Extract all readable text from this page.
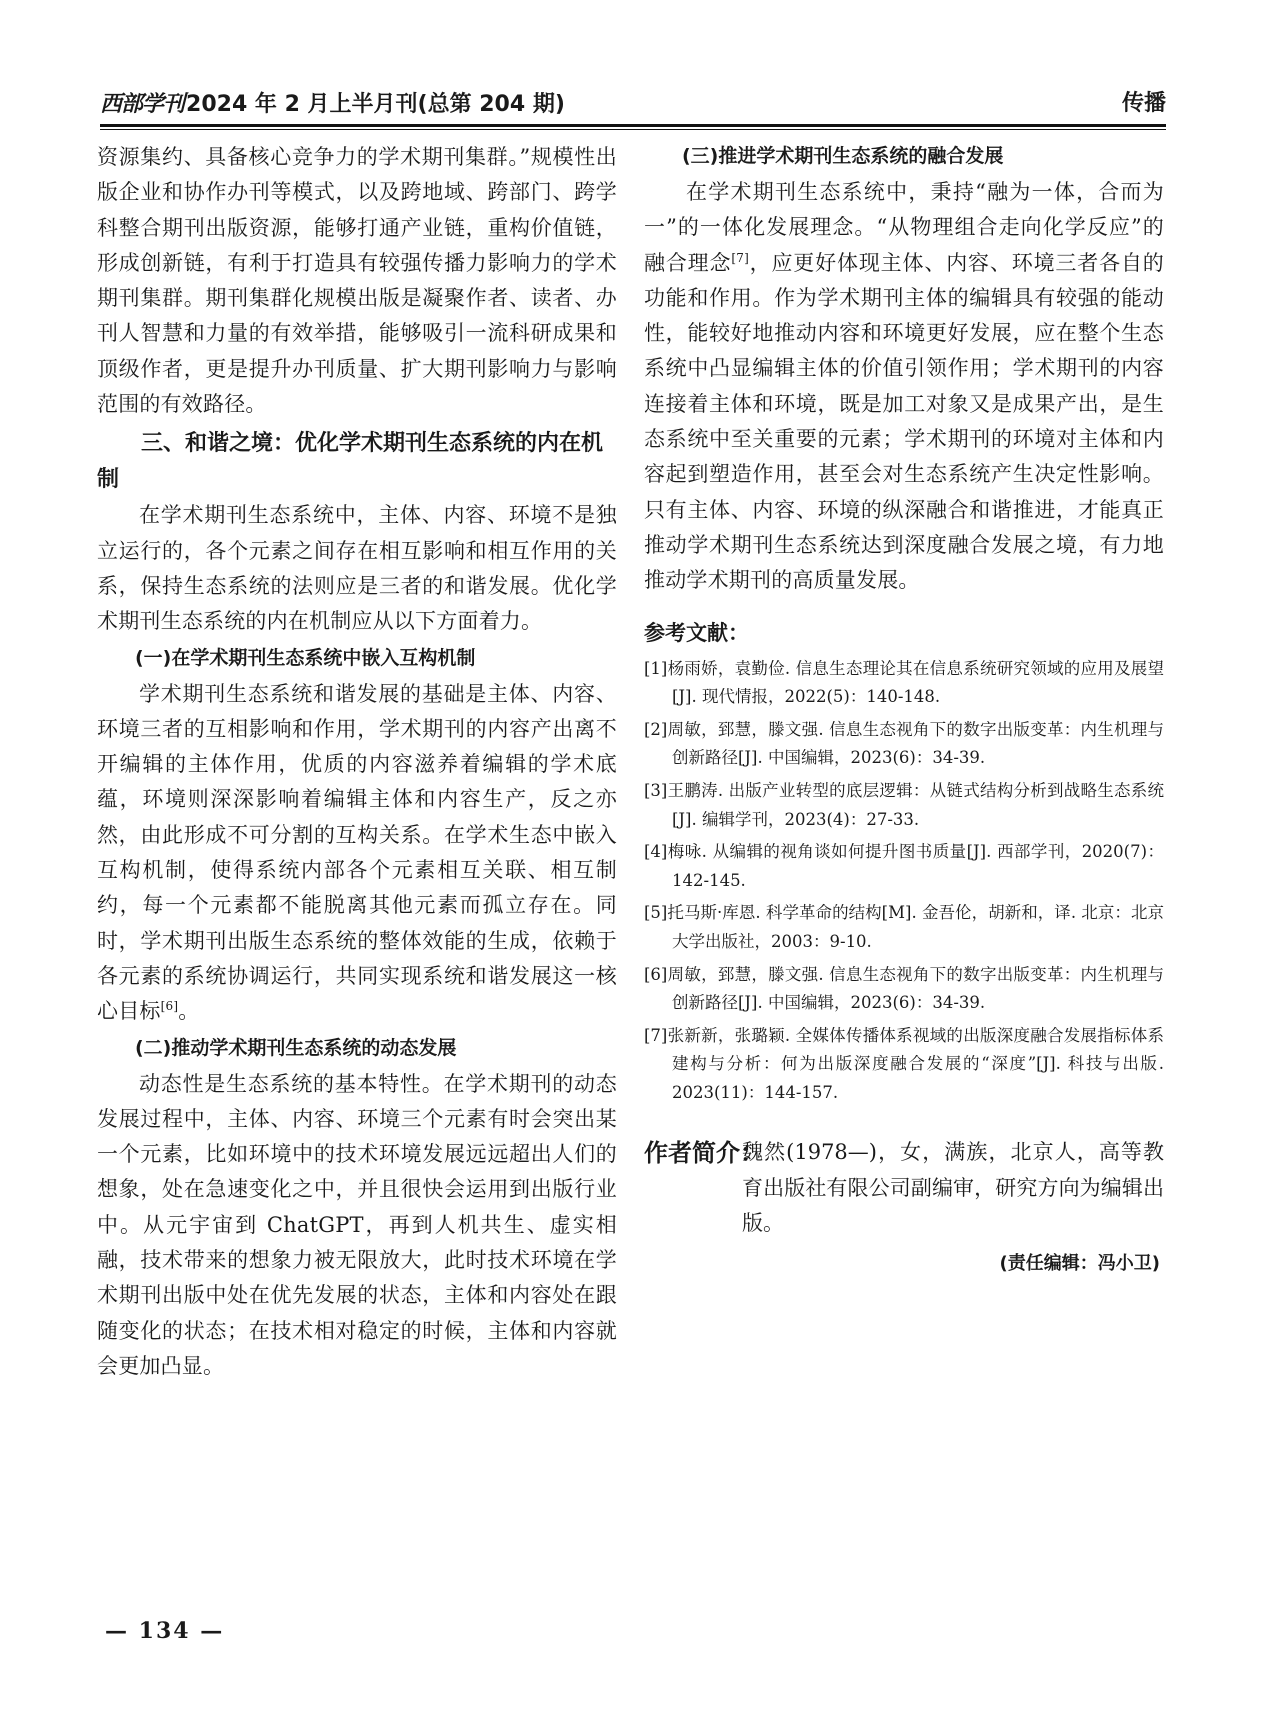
西部学刊2024 年 2 月上半月刊(总第 204 期)	传播

资源集约、具备核心竞争力的学术期刊集群。”规模性出版企业和协作办刊等模式，以及跨地域、跨部门、跨学科整合期刊出版资源，能够打通产业链，重构价值链，形成创新链，有利于打造具有较强传播力影响力的学术期刊集群。期刊集群化规模出版是凝聚作者、读者、办刊人智慧和力量的有效举措，能够吸引一流科研成果和顶级作者，更是提升办刊质量、扩大期刊影响力与影响范围的有效路径。

三、和谐之境：优化学术期刊生态系统的内在机制

在学术期刊生态系统中，主体、内容、环境不是独立运行的，各个元素之间存在相互影响和相互作用的关系，保持生态系统的法则应是三者的和谐发展。优化学术期刊生态系统的内在机制应从以下方面着力。

(一)在学术期刊生态系统中嵌入互构机制

学术期刊生态系统和谐发展的基础是主体、内容、环境三者的互相影响和作用，学术期刊的内容产出离不开编辑的主体作用，优质的内容滋养着编辑的学术底蕴，环境则深深影响着编辑主体和内容生产，反之亦然，由此形成不可分割的互构关系。在学术生态中嵌入互构机制，使得系统内部各个元素相互关联、相互制约，每一个元素都不能脱离其他元素而孤立存在。同时，学术期刊出版生态系统的整体效能的生成，依赖于各元素的系统协调运行，共同实现系统和谐发展这一核心目标[6]。

(二)推动学术期刊生态系统的动态发展

动态性是生态系统的基本特性。在学术期刊的动态发展过程中，主体、内容、环境三个元素有时会突出某一个元素，比如环境中的技术环境发展远远超出人们的想象，处在急速变化之中，并且很快会运用到出版行业中。从元宇宙到 ChatGPT，再到人机共生、虚实相融，技术带来的想象力被无限放大，此时技术环境在学术期刊出版中处在优先发展的状态，主体和内容处在跟随变化的状态；在技术相对稳定的时候，主体和内容就会更加凸显。

(三)推进学术期刊生态系统的融合发展

在学术期刊生态系统中，秉持“融为一体，合而为一”的一体化发展理念。“从物理组合走向化学反应”的融合理念[7]，应更好体现主体、内容、环境三者各自的功能和作用。作为学术期刊主体的编辑具有较强的能动性，能较好地推动内容和环境更好发展，应在整个生态系统中凸显编辑主体的价值引领作用；学术期刊的内容连接着主体和环境，既是加工对象又是成果产出，是生态系统中至关重要的元素；学术期刊的环境对主体和内容起到塑造作用，甚至会对生态系统产生决定性影响。只有主体、内容、环境的纵深融合和谐推进，才能真正推动学术期刊生态系统达到深度融合发展之境，有力地推动学术期刊的高质量发展。

参考文献：
[1]杨雨娇，袁勤俭. 信息生态理论其在信息系统研究领域的应用及展望[J]. 现代情报，2022(5)：140-148.
[2]周敏，郅慧，滕文强. 信息生态视角下的数字出版变革：内生机理与创新路径[J]. 中国编辑，2023(6)：34-39.
[3]王鹏涛. 出版产业转型的底层逻辑：从链式结构分析到战略生态系统[J]. 编辑学刊，2023(4)：27-33.
[4]梅咏. 从编辑的视角谈如何提升图书质量[J]. 西部学刊，2020(7)：142-145.
[5]托马斯·库恩. 科学革命的结构[M]. 金吾伦，胡新和，译. 北京：北京大学出版社，2003：9-10.
[6]周敏，郅慧，滕文强. 信息生态视角下的数字出版变革：内生机理与创新路径[J]. 中国编辑，2023(6)：34-39.
[7]张新新，张璐颖. 全媒体传播体系视域的出版深度融合发展指标体系建构与分析：何为出版深度融合发展的“深度”[J]. 科技与出版. 2023(11)：144-157.
作者简介：
魏然(1978—)，女，满族，北京人，高等教育出版社有限公司副编审，研究方向为编辑出版。
(责任编辑：冯小卫)
— 134 —
